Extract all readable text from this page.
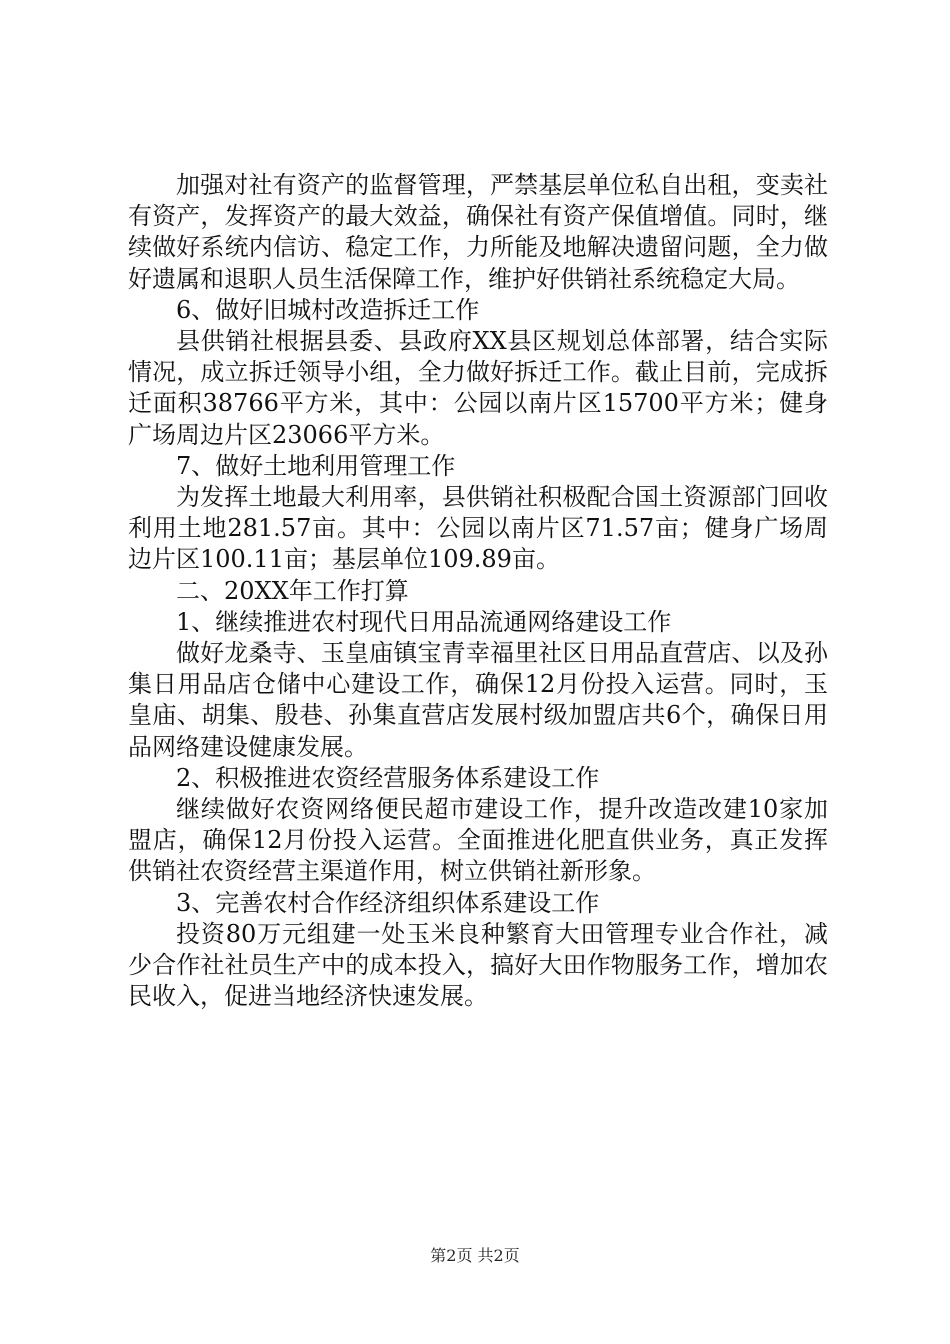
加强对社有资产的监督管理，严禁基层单位私自出租，变卖社有资产，发挥资产的最大效益，确保社有资产保值增值。同时，继续做好系统内信访、稳定工作，力所能及地解决遗留问题，全力做好遗属和退职人员生活保障工作，维护好供销社系统稳定大局。

6、做好旧城村改造拆迁工作

县供销社根据县委、县政府XX县区规划总体部署，结合实际情况，成立拆迁领导小组，全力做好拆迁工作。截止目前，完成拆迁面积38766平方米，其中：公园以南片区15700平方米；健身广场周边片区23066平方米。

7、做好土地利用管理工作

为发挥土地最大利用率，县供销社积极配合国土资源部门回收利用土地281.57亩。其中：公园以南片区71.57亩；健身广场周边片区100.11亩；基层单位109.89亩。

二、20XX年工作打算

1、继续推进农村现代日用品流通网络建设工作

做好龙桑寺、玉皇庙镇宝青幸福里社区日用品直营店、以及孙集日用品店仓储中心建设工作，确保12月份投入运营。同时，玉皇庙、胡集、殷巷、孙集直营店发展村级加盟店共6个，确保日用品网络建设健康发展。

2、积极推进农资经营服务体系建设工作

继续做好农资网络便民超市建设工作，提升改造改建10家加盟店，确保12月份投入运营。全面推进化肥直供业务，真正发挥供销社农资经营主渠道作用，树立供销社新形象。

3、完善农村合作经济组织体系建设工作

投资80万元组建一处玉米良种繁育大田管理专业合作社，减少合作社社员生产中的成本投入，搞好大田作物服务工作，增加农民收入，促进当地经济快速发展。

第2页 共2页
